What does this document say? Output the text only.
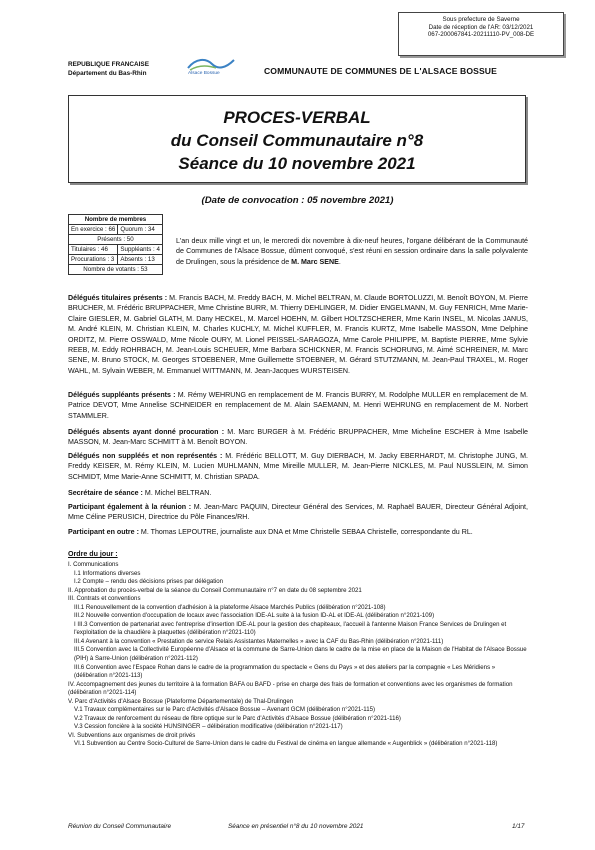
Sous prefecture de Saverne
Date de réception de l'AR: 03/12/2021
067-200067841-20211110-PV_008-DE
REPUBLIQUE FRANCAISE
Département du Bas-Rhin	Alsace Bossue	COMMUNAUTE DE COMMUNES DE L'ALSACE BOSSUE
PROCES-VERBAL
du Conseil Communautaire n°8
Séance du 10 novembre 2021
(Date de convocation : 05 novembre 2021)
Nombre de membres	
En exercice : 66	Quorum : 34
Présents : 50	
Titulaires : 46	Suppléants : 4
Procurations : 3	Absents : 13
Nombre de votants : 53	
L'an deux mille vingt et un, le mercredi dix novembre à dix-neuf heures, l'organe délibérant de la Communauté de Communes de l'Alsace Bossue, dûment convoqué, s'est réuni en session ordinaire dans la salle polyvalente de Drulingen, sous la présidence de M. Marc SENE.
Délégués titulaires présents : M. Francis BACH, M. Freddy BACH, M. Michel BELTRAN, M. Claude BORTOLUZZI, M. Benoît BOYON, M. Pierre BRUCHER, M. Frédéric BRUPPACHER, Mme Christine BURR, M. Thierry DEHLINGER, M. Didier ENGELMANN, M. Guy FENRICH, Mme Marie-Claire GIESLER, M. Gabriel GLATH, M. Dany HECKEL, M. Marcel HOEHN, M. Gilbert HOLTZSCHERER, Mme Karin INSEL, M. Nicolas JANUS, M. André KLEIN, M. Christian KLEIN, M. Charles KUCHLY, M. Michel KUFFLER, M. Francis KURTZ, Mme Isabelle MASSON, Mme Delphine ORDITZ, M. Pierre OSSWALD, Mme Nicole OURY, M. Lionel PEISSEL-SARAGOZA, Mme Carole PHILIPPE, M. Baptiste PIERRE, Mme Sylvie REEB, M. Eddy ROHRBACH, M. Jean-Louis SCHEUER, Mme Barbara SCHICKNER, M. Francis SCHORUNG, M. Aimé SCHREINER, M. Marc SENE, M. Bruno STOCK, M. Georges STOEBENER, Mme Guillemette STOEBNER, M. Gérard STUTZMANN, M. Jean-Paul TRAXEL, M. Roger WAHL, M. Sylvain WEBER, M. Emmanuel WITTMANN, M. Jean-Jacques WURSTEISEN.
Délégués suppléants présents : M. Rémy WEHRUNG en remplacement de M. Francis BURRY, M. Rodolphe MULLER en remplacement de M. Patrice DEVOT, Mme Annelise SCHNEIDER en remplacement de M. Alain SAEMANN, M. Henri WEHRUNG en remplacement de M. Norbert STAMMLER.
Délégués absents ayant donné procuration : M. Marc BURGER à M. Frédéric BRUPPACHER, Mme Micheline ESCHER à Mme Isabelle MASSON, M. Jean-Marc SCHMITT à M. Benoît BOYON.
Délégués non suppléés et non représentés : M. Frédéric BELLOTT, M. Guy DIERBACH, M. Jacky EBERHARDT, M. Christophe JUNG, M. Freddy KEISER, M. Rémy KLEIN, M. Lucien MUHLMANN, Mme Mireille MULLER, M. Jean-Pierre NICKLES, M. Paul NUSSLEIN, M. Simon SCHMIDT, Mme Marie-Anne SCHMITT, M. Christian SPADA.
Secrétaire de séance : M. Michel BELTRAN.
Participant également à la réunion : M. Jean-Marc PAQUIN, Directeur Général des Services, M. Raphaël BAUER, Directeur Général Adjoint, Mme Céline PERUSICH, Directrice du Pôle Finances/RH.
Participant en outre : M. Thomas LEPOUTRE, journaliste aux DNA et Mme Christelle SEBAA Christelle, correspondante du RL.
Ordre du jour :
I. Communications
I.1 Informations diverses
I.2 Compte – rendu des décisions prises par délégation
II. Approbation du procès-verbal de la séance du Conseil Communautaire n°7 en date du 08 septembre 2021
III. Contrats et conventions
III.1 Renouvellement de la convention d'adhésion à la plateforme Alsace Marchés Publics (délibération n°2021-108)
III.2 Nouvelle convention d'occupation de locaux avec l'association IDE-AL suite à la fusion ID-AL et IDE-AL (délibération n°2021-109)
I III.3 Convention de partenariat avec l'entreprise d'insertion IDE-AL pour la gestion des chapiteaux, l'accueil à l'antenne Maison France Services de Drulingen et l'exploitation de la chaudière à plaquettes (délibération n°2021-110)
III.4 Avenant à la convention « Prestation de service Relais Assistantes Maternelles » avec la CAF du Bas-Rhin (délibération n°2021-111)
III.5 Convention avec la Collectivité Européenne d'Alsace et la commune de Sarre-Union dans le cadre de la mise en place de la Maison de l'Habitat de l'Alsace Bossue (PIH) à Sarre-Union (délibération n°2021-112)
III.6 Convention avec l'Espace Rohan dans le cadre de la programmation du spectacle « Gens du Pays » et des ateliers par la compagnie « Les Méridiens » (délibération n°2021-113)
IV. Accompagnement des jeunes du territoire à la formation BAFA ou BAFD - prise en charge des frais de formation et conventions avec les organismes de formation (délibération n°2021-114)
V. Parc d'Activités d'Alsace Bossue (Plateforme Départementale) de Thal-Drulingen
V.1 Travaux complémentaires sur le Parc d'Activités d'Alsace Bossue – Avenant GCM (délibération n°2021-115)
V.2 Travaux de renforcement du réseau de fibre optique sur le Parc d'Activités d'Alsace Bossue (délibération n°2021-116)
V.3 Cession foncière à la société HUNSINGER – délibération modificative (délibération n°2021-117)
VI. Subventions aux organismes de droit privés
VI.1 Subvention au Centre Socio-Culturel de Sarre-Union dans le cadre du Festival de cinéma en langue allemande « Augenblick » (délibération n°2021-118)
Réunion du Conseil Communautaire	Séance en présentiel n°8 du 10 novembre 2021	1/17
